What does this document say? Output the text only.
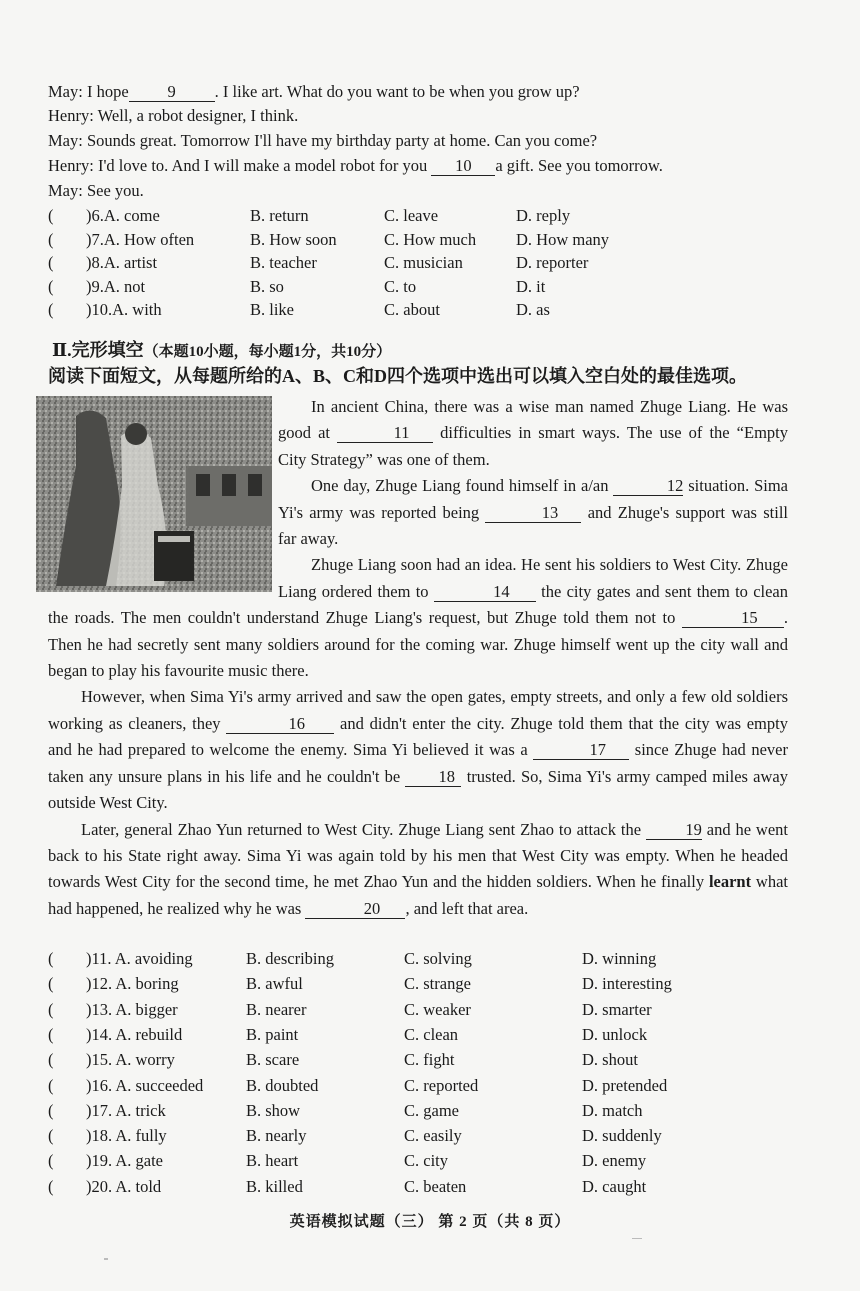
May: I hope 9 . I like art. What do you want to be when you grow up?
Henry: Well, a robot designer, I think.
May: Sounds great. Tomorrow I'll have my birthday party at home. Can you come?
Henry: I'd love to. And I will make a model robot for you 10 a gift. See you tomorrow.
May: See you.
( )6.A. come	B. return	C. leave	D. reply
( )7.A. How often	B. How soon	C. How much D. How many
( )8.A. artist	B. teacher	C. musician	D. reporter
( )9.A. not	B. so	C. to	D. it
( )10.A. with	B. like	C. about	D. as
Ⅱ.完形填空（本题10小题，每小题1分，共10分）
阅读下面短文，从每题所给的A、B、C和D四个选项中选出可以填入空白处的最佳选项。

In ancient China, there was a wise man named Zhuge Liang. He was good at	11 difficulties in smart ways. The use of the “Empty City Strategy” was one of them.

One day, Zhuge Liang found himself in a/an	12 situation. Sima Yi's army was reported being	13 and Zhuge's support was still far away.

Zhuge Liang soon had an idea. He sent his soldiers to West City. Zhuge Liang ordered them to	14 the city gates and sent them to clean the roads. The men couldn't understand Zhuge Liang's request, but Zhuge told them not to	15 . Then he had secretly sent many soldiers around for the coming war. Zhuge himself went up the city wall and began to play his favourite music there.

However, when Sima Yi's army arrived and saw the open gates, empty streets, and only a few old soldiers working as cleaners, they	16 and didn't enter the city. Zhuge told them that the city was empty and he had prepared to welcome the enemy. Sima Yi believed it was a	17 since Zhuge had never taken any unsure plans in his life and he couldn't be 18 trusted. So, Sima Yi's army camped miles away outside West City.

Later, general Zhao Yun returned to West City. Zhuge Liang sent Zhao to attack the 19 and he went back to his State right away. Sima Yi was again told by his men that West City was empty. When he headed towards West City for the second time, he met Zhao Yun and the hidden soldiers. When he finally learnt what had happened, he realized why he was	20 , and left that area.

( )11. A. avoiding	B. describing	C. solving	D. winning
( )12. A. boring	B. awful	C. strange	D. interesting
( )13. A. bigger	B. nearer	C. weaker	D. smarter
( )14. A. rebuild	B. paint	C. clean	D. unlock
( )15. A. worry	B. scare	C. fight	D. shout
( )16. A. succeeded	B. doubted	C. reported	D. pretended
( )17. A. trick	B. show	C. game	D. match
( )18. A. fully	B. nearly	C. easily	D. suddenly
( )19. A. gate	B. heart	C. city	D. enemy
( )20. A. told	B. killed	C. beaten	D. caught
英语模拟试题（三） 第 2 页（共 8 页）
